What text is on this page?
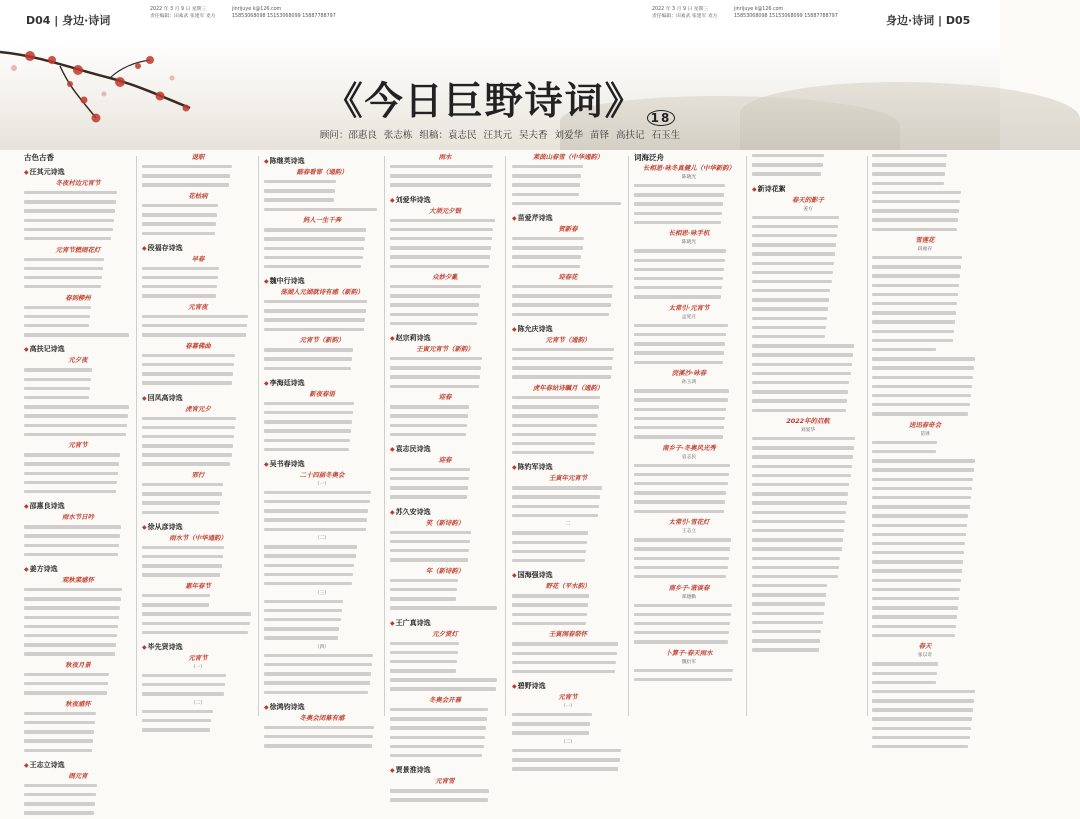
D04 | 身边·诗词
2022 年 3 月 9 日 星期三
责任编辑：田素武 张建军 麦方
jinrijuye k@126.com
15853068098 15153068099 15887788797
2022 年 3 月 9 日 星期三
责任编辑：田素武 张建军 麦方
jinrijuye k@126.com
15853068098 15153068099 15887788797	身边·诗词 | D05
《今日巨野诗词》 18
顾问：邵惠良 张志栋 组稿：袁志民 汪其元 吴夫香 刘爱华 苗铎 高扶记 石玉生
古色古香
◆ 汪其元诗选
冬夜村边元宵节
元宵节燃闹花灯
春到柳州
◆ 高扶记诗选
元夕夜
元宵节
◆ 邵惠良诗选
雨水节日吟
◆ 姜方诗选
观秋菜感怀
秋夜月景
秋夜感怀
◆ 王志立诗选
闹元宵
退职
花枯病
◆ 段福存诗选
早春
元宵夜
春暮佛曲
◆ 回凤高诗选
虎宵元夕
邪行
◆ 徐从彦诗选
雨水节（中华通韵）
惠年春节
◆ 毕先贤诗选
元宵节
（一）
（二）
◆ 陈继英诗选
踏春看邨（通韵）
妈人一生千奔
◆ 魏中行诗选
荡湖人元湖就诗有感（新韵）
元宵节（新韵）
◆ 李海廷诗选
新夜春语
◆ 吴书春诗选
二十四届冬奥会
（一）
（二）
（三）
（四）
◆ 徐鸿钧诗选
冬奥会闭幕有感
雨水
◆ 刘爱华诗选
大须元夕银
众妙夕亂
◆ 赵宗莉诗选
壬寅元宵节（新韵）
迎春
◆ 袁志民诗选
迎春
◆ 苏久安诗选
笑（新诗韵）
年（新诗韵）
◆ 王广真诗选
元夕赏灯
冬奥会开幕
◆ 贾景淮诗选
元宵雪
莱茵山春雪（中华通韵）
◆ 苗爱芹诗选
贺新春
迎春花
◆ 陈允庆诗选
元宵节（通韵）
虎年春站诗瞩月（通韵）
◆ 陈钓军诗选
壬寅年元宵节
二
◆ 国海强诗选
野花（平水韵）
壬寅闹春祭怀
◆ 碧野诗选
元宵节
（一）
（二）
词海泛舟
长相思·咏冬真健儿（中华新韵）
陈晓光
长相思·咏手机
陈晓光
太常引·元宵节
孟宪月
浣溪沙·咏春
孙玉鸿
南乡子·冬奥风光秀
袁志民
太常引·雪花灯
王志立
南乡子·谐谈春
郑德勤
卜算子·春天雨水
魏衍军
◆ 新诗花絮
春天的影子
姜方
2022年的启航
刘爱华
雪莲花
段福存
送迅春奇会
苗铎
春天
张以奇
